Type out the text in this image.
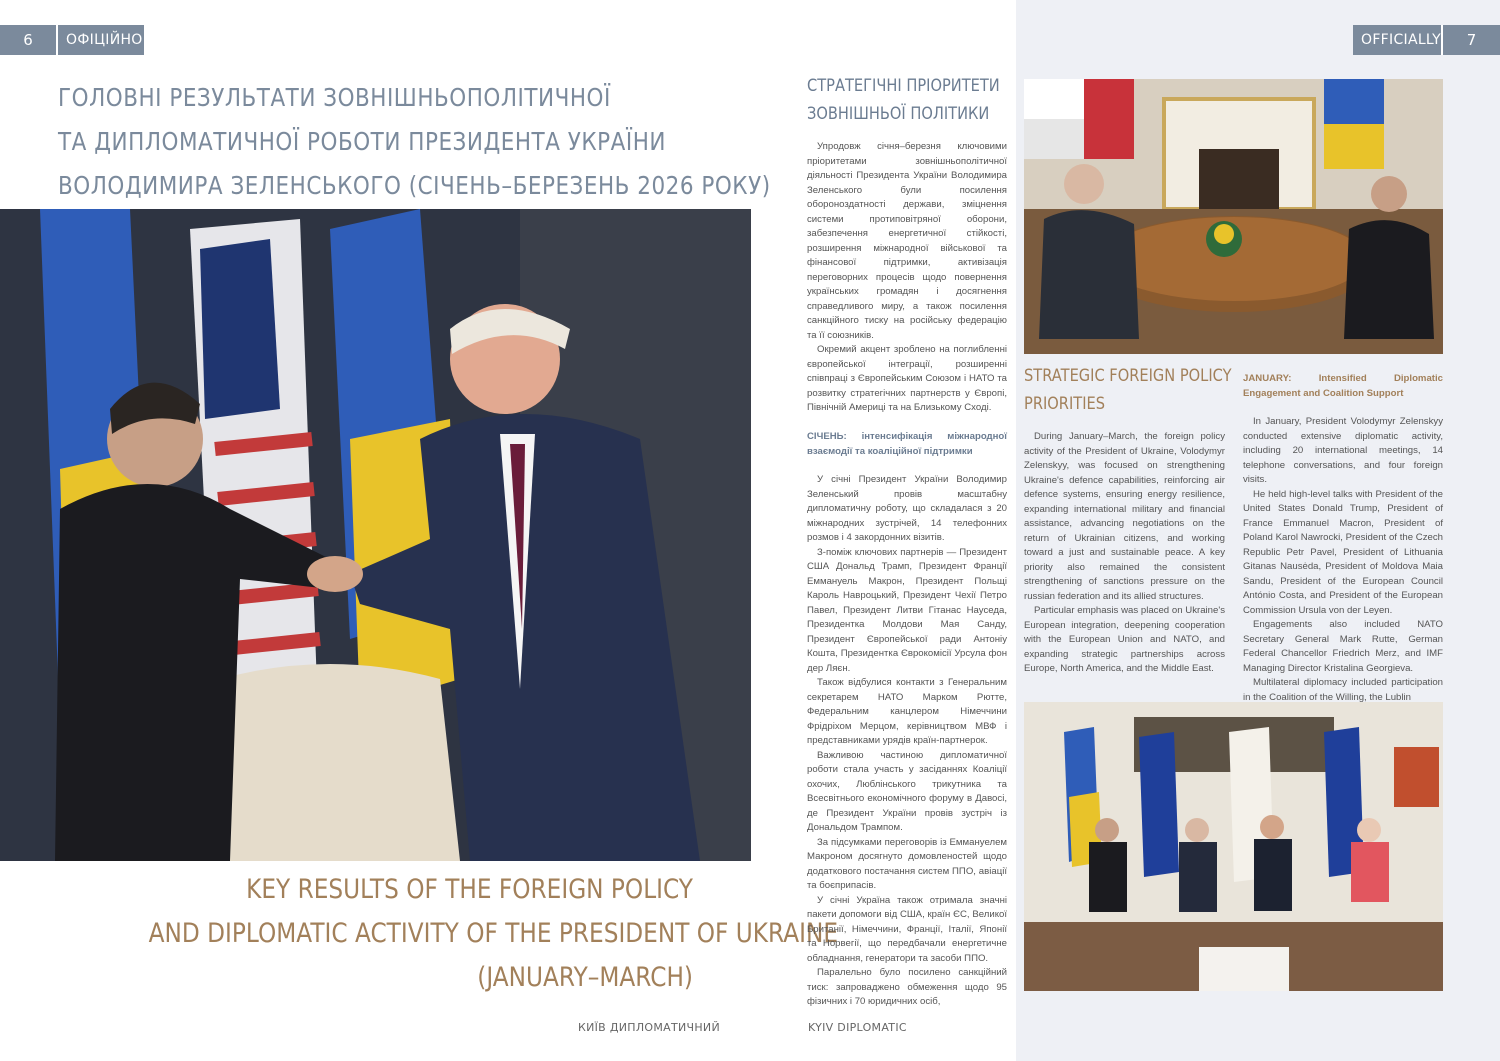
6	ОФІЦІЙНО	OFFICIALLY	7
ГОЛОВНІ РЕЗУЛЬТАТИ ЗОВНІШНЬОПОЛІТИЧНОЇ
ТА ДИПЛОМАТИЧНОЇ РОБОТИ ПРЕЗИДЕНТА УКРАЇНИ
ВОЛОДИМИРА ЗЕЛЕНСЬКОГО (СІЧЕНЬ–БЕРЕЗЕНЬ 2026 РОКУ)
KEY RESULTS OF THE FOREIGN POLICY
AND DIPLOMATIC ACTIVITY OF THE PRESIDENT OF UKRAINE
(JANUARY–MARCH)
КИЇВ ДИПЛОМАТИЧНИЙ	KYIV DIPLOMATIC
СТРАТЕГІЧНІ ПРІОРИТЕТИ
ЗОВНІШНЬОЇ ПОЛІТИКИ

Упродовж січня–березня ключовими пріоритетами зовнішньополітичної діяльності Президента України Володимира Зеленського були посилення обороноздатності держави, зміцнення системи протиповітряної оборони, забезпечення енергетичної стійкості, розширення міжнародної військової та фінансової підтримки, активізація переговорних процесів щодо повернення українських громадян і досягнення справедливого миру, а також посилення санкційного тиску на російську федерацію та її союзників.

Окремий акцент зроблено на поглибленні європейської інтеграції, розширенні співпраці з Європейським Союзом і НАТО та розвитку стратегічних партнерств у Європі, Північній Америці та на Близькому Сході.

СІЧЕНЬ: інтенсифікація міжнародної взаємодії та коаліційної підтримки

У січні Президент України Володимир Зеленський провів масштабну дипломатичну роботу, що складалася з 20 міжнародних зустрічей, 14 телефонних розмов і 4 закордонних візитів.

З-поміж ключових партнерів — Президент США Дональд Трамп, Президент Франції Еммануель Макрон, Президент Польщі Кароль Навроцький, Президент Чехії Петро Павел, Президент Литви Гітанас Науседа, Президентка Молдови Мая Санду, Президент Європейської ради Антоніу Кошта, Президентка Єврокомісії Урсула фон дер Ляєн.

Також відбулися контакти з Генеральним секретарем НАТО Марком Рютте, Федеральним канцлером Німеччини Фрідріхом Мерцом, керівництвом МВФ і представниками урядів країн-партнерок.

Важливою частиною дипломатичної роботи стала участь у засіданнях Коаліції охочих, Люблінського трикутника та Всесвітнього економічного форуму в Давосі, де Президент України провів зустріч із Дональдом Трампом.

За підсумками переговорів із Еммануелем Макроном досягнуто домовленостей щодо додаткового постачання систем ППО, авіації та боєприпасів.

У січні Україна також отримала значні пакети допомоги від США, країн ЄС, Великої Британії, Німеччини, Франції, Італії, Японії та Норвегії, що передбачали енергетичне обладнання, генератори та засоби ППО.

Паралельно було посилено санкційний тиск: запроваджено обмеження щодо 95 фізичних і 70 юридичних осіб,

STRATEGIC FOREIGN POLICY
PRIORITIES

During January–March, the foreign policy activity of the President of Ukraine, Volodymyr Zelenskyy, was focused on strengthening Ukraine's defence capabilities, reinforcing air defence systems, ensuring energy resilience, expanding international military and financial assistance, advancing negotiations on the return of Ukrainian citizens, and working toward a just and sustainable peace. A key priority also remained the consistent strengthening of sanctions pressure on the russian federation and its allied structures.

Particular emphasis was placed on Ukraine's European integration, deepening cooperation with the European Union and NATO, and expanding strategic partnerships across Europe, North America, and the Middle East.

JANUARY: Intensified Diplomatic Engagement and Coalition Support

In January, President Volodymyr Zelenskyy conducted extensive diplomatic activity, including 20 international meetings, 14 telephone conversations, and four foreign visits.

He held high-level talks with President of the United States Donald Trump, President of France Emmanuel Macron, President of Poland Karol Nawrocki, President of the Czech Republic Petr Pavel, President of Lithuania Gitanas Nausėda, President of Moldova Maia Sandu, President of the European Council António Costa, and President of the European Commission Ursula von der Leyen.

Engagements also included NATO Secretary General Mark Rutte, German Federal Chancellor Friedrich Merz, and IMF Managing Director Kristalina Georgieva.

Multilateral diplomacy included participation in the Coalition of the Willing, the Lublin
